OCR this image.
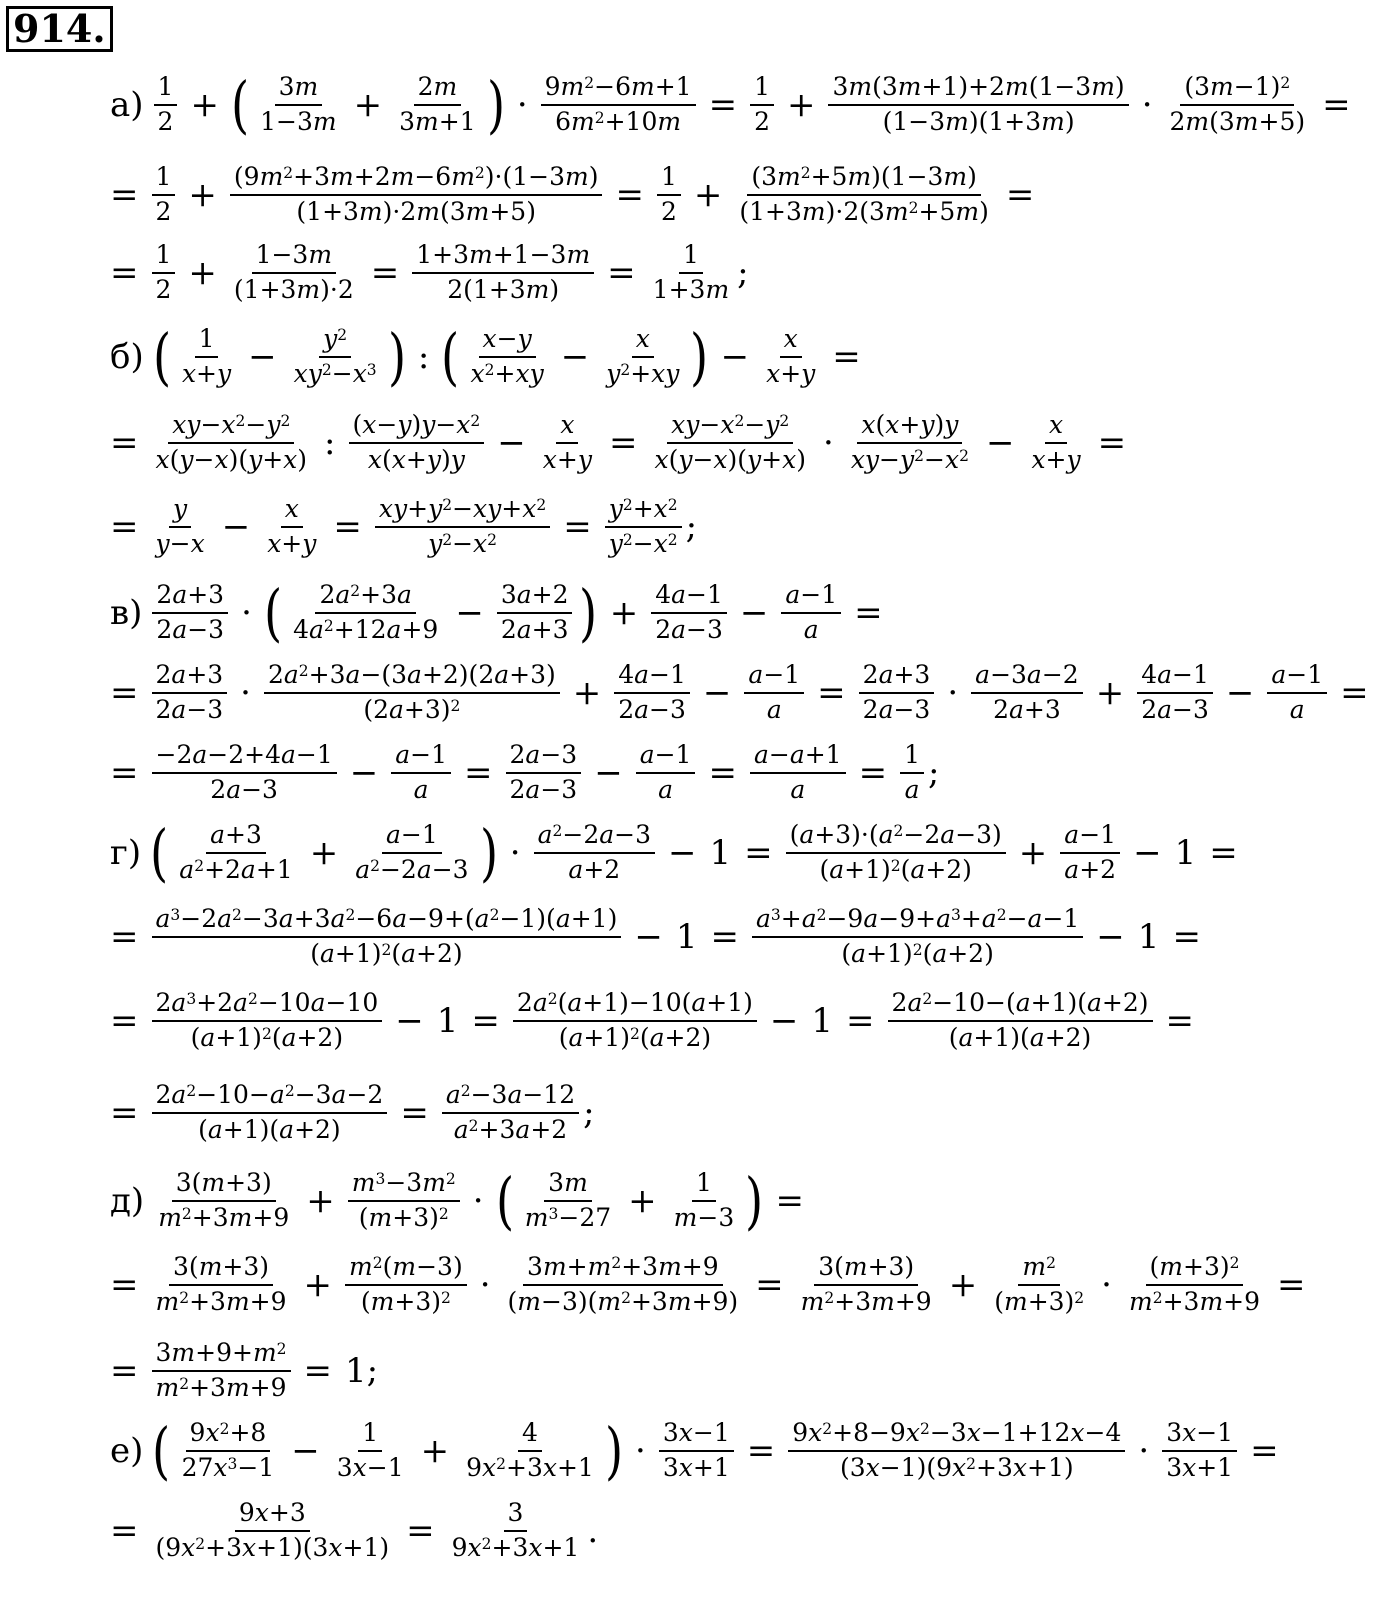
914.
$а) \frac{1}{2}$ + ( $\frac{3m}{1-3m} + \frac{2m}{3m+1}$ ) · $\frac{9m^2-6m+1}{6m^2+10m} = \frac{1}{2} + \frac{3m(3m+1)+2m(1-3m)}{(1-3m)(1+3m)} \cdot \frac{(3m-1)^2}{2m(3m+5)}$ =
= $\frac{1}{2} + \frac{(9m^2+3m+2m-6m^2)\cdot(1-3m)}{(1+3m)\cdot 2m(3m+5)} = \frac{1}{2} + \frac{(3m^2+5m)(1-3m)}{(1+3m)\cdot 2(3m^2+5m)}$ =
= $\frac{1}{2} + \frac{1-3m}{(1+3m)\cdot 2} = \frac{1+3m+1-3m}{2(1+3m)} = \frac{1}{1+3m}$ ;
б) ( $\frac{1}{x+y} - \frac{y^2}{xy^2-x^3}$ ) : ( $\frac{x-y}{x^2+xy} - \frac{x}{y^2+xy}$ ) − $\frac{x}{x+y}$ =
= $\frac{xy-x^2-y^2}{x(y-x)(y+x)}$ : $\frac{(x-y)y-x^2}{x(x+y)y} - \frac{x}{x+y} = \frac{xy-x^2-y^2}{x(y-x)(y+x)} \cdot \frac{x(x+y)y}{xy-y^2-x^2} - \frac{x}{x+y}$ =
= $\frac{y}{y-x} - \frac{x}{x+y} = \frac{xy+y^2-xy+x^2}{y^2-x^2} = \frac{y^2+x^2}{y^2-x^2}$ ;
$в) \frac{2a+3}{2a-3}$ · ( $\frac{2a^2+3a}{4a^2+12a+9} - \frac{3a+2}{2a+3}$ ) + $\frac{4a-1}{2a-3} - \frac{a-1}{a}$ =
= $\frac{2a+3}{2a-3} \cdot \frac{2a^2+3a-(3a+2)(2a+3)}{(2a+3)^2} + \frac{4a-1}{2a-3} - \frac{a-1}{a} = \frac{2a+3}{2a-3} \cdot \frac{a-3a-2}{2a+3} + \frac{4a-1}{2a-3} - \frac{a-1}{a}$ =
= $\frac{-2a-2+4a-1}{2a-3} - \frac{a-1}{a} = \frac{2a-3}{2a-3} - \frac{a-1}{a} = \frac{a-a+1}{a} = \frac{1}{a}$ ;
г) ( $\frac{a+3}{a^2+2a+1} + \frac{a-1}{a^2-2a-3}$ ) · $\frac{a^2-2a-3}{a+2} - 1 = \frac{(a+3)\cdot(a^2-2a-3)}{(a+1)^2(a+2)} + \frac{a-1}{a+2} - 1$ =
= $\frac{a^3-2a^2-3a+3a^2-6a-9+(a^2-1)(a+1)}{(a+1)^2(a+2)} - 1 = \frac{a^3+a^2-9a-9+a^3+a^2-a-1}{(a+1)^2(a+2)} - 1$ =
= $\frac{2a^3+2a^2-10a-10}{(a+1)^2(a+2)} - 1 = \frac{2a^2(a+1)-10(a+1)}{(a+1)^2(a+2)} - 1 = \frac{2a^2-10-(a+1)(a+2)}{(a+1)(a+2)}$ =
= $\frac{2a^2-10-a^2-3a-2}{(a+1)(a+2)} = \frac{a^2-3a-12}{a^2+3a+2}$ ;
$д) \frac{3(m+3)}{m^2+3m+9} + \frac{m^3-3m^2}{(m+3)^2}$ · ( $\frac{3m}{m^3-27} + \frac{1}{m-3}$ ) =
= $\frac{3(m+3)}{m^2+3m+9} + \frac{m^2(m-3)}{(m+3)^2} \cdot \frac{3m+m^2+3m+9}{(m-3)(m^2+3m+9)} = \frac{3(m+3)}{m^2+3m+9} + \frac{m^2}{(m+3)^2} \cdot \frac{(m+3)^2}{m^2+3m+9}$ =
= $\frac{3m+9+m^2}{m^2+3m+9} = 1$;
е) ( $\frac{9x^2+8}{27x^3-1} - \frac{1}{3x-1} + \frac{4}{9x^2+3x+1}$ ) · $\frac{3x-1}{3x+1} = \frac{9x^2+8-9x^2-3x-1+12x-4}{(3x-1)(9x^2+3x+1)} \cdot \frac{3x-1}{3x+1}$ =
= $\frac{9x+3}{(9x^2+3x+1)(3x+1)} = \frac{3}{9x^2+3x+1}$ .
